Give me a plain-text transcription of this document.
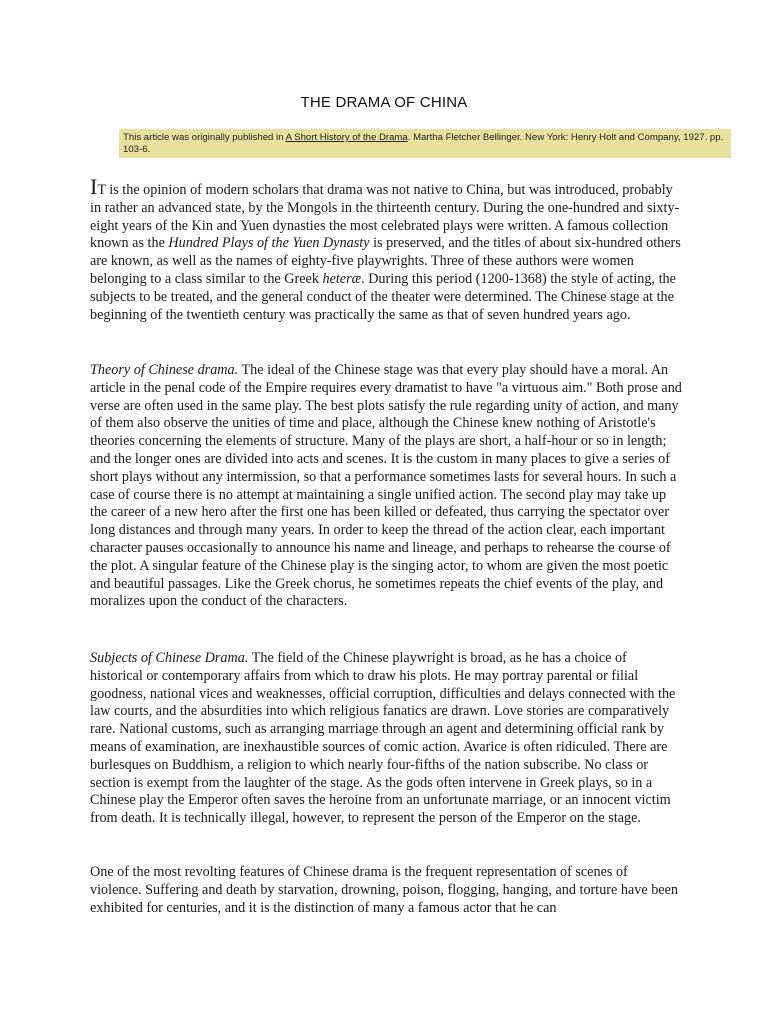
THE DRAMA OF CHINA
This article was originally published in A Short History of the Drama. Martha Fletcher Bellinger. New York: Henry Holt and Company, 1927. pp. 103-6.

IT is the opinion of modern scholars that drama was not native to China, but was introduced, probably in rather an advanced state, by the Mongols in the thirteenth century. During the one-hundred and sixty-eight years of the Kin and Yuen dynasties the most celebrated plays were written. A famous collection known as the Hundred Plays of the Yuen Dynasty is preserved, and the titles of about six-hundred others are known, as well as the names of eighty-five playwrights. Three of these authors were women belonging to a class similar to the Greek heteræ. During this period (1200-1368) the style of acting, the subjects to be treated, and the general conduct of the theater were determined. The Chinese stage at the beginning of the twentieth century was practically the same as that of seven hundred years ago.

Theory of Chinese drama. The ideal of the Chinese stage was that every play should have a moral. An article in the penal code of the Empire requires every dramatist to have "a virtuous aim." Both prose and verse are often used in the same play. The best plots satisfy the rule regarding unity of action, and many of them also observe the unities of time and place, although the Chinese knew nothing of Aristotle's theories concerning the elements of structure. Many of the plays are short, a half-hour or so in length; and the longer ones are divided into acts and scenes. It is the custom in many places to give a series of short plays without any intermission, so that a performance sometimes lasts for several hours. In such a case of course there is no attempt at maintaining a single unified action. The second play may take up the career of a new hero after the first one has been killed or defeated, thus carrying the spectator over long distances and through many years. In order to keep the thread of the action clear, each important character pauses occasionally to announce his name and lineage, and perhaps to rehearse the course of the plot. A singular feature of the Chinese play is the singing actor, to whom are given the most poetic and beautiful passages. Like the Greek chorus, he sometimes repeats the chief events of the play, and moralizes upon the conduct of the characters.

Subjects of Chinese Drama. The field of the Chinese playwright is broad, as he has a choice of historical or contemporary affairs from which to draw his plots. He may portray parental or filial goodness, national vices and weaknesses, official corruption, difficulties and delays connected with the law courts, and the absurdities into which religious fanatics are drawn. Love stories are comparatively rare. National customs, such as arranging marriage through an agent and determining official rank by means of examination, are inexhaustible sources of comic action. Avarice is often ridiculed. There are burlesques on Buddhism, a religion to which nearly four-fifths of the nation subscribe. No class or section is exempt from the laughter of the stage. As the gods often intervene in Greek plays, so in a Chinese play the Emperor often saves the heroine from an unfortunate marriage, or an innocent victim from death. It is technically illegal, however, to represent the person of the Emperor on the stage.

One of the most revolting features of Chinese drama is the frequent representation of scenes of violence. Suffering and death by starvation, drowning, poison, flogging, hanging, and torture have been exhibited for centuries, and it is the distinction of many a famous actor that he can
